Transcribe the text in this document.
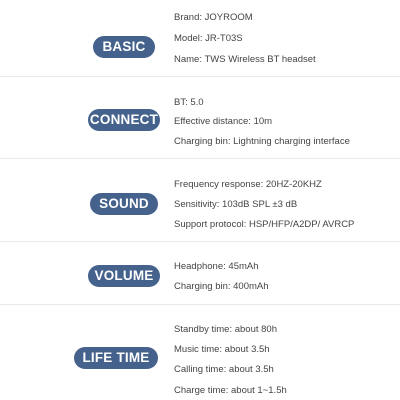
BASIC
Brand: JOYROOM
Model: JR-T03S
Name: TWS Wireless BT headset
CONNECT
BT: 5.0
Effective distance: 10m
Charging bin: Lightning charging interface
SOUND
Frequency response: 20HZ-20KHZ
Sensitivity: 103dB SPL ±3 dB
Support protocol: HSP/HFP/A2DP/ AVRCP
VOLUME
Headphone: 45mAh
Charging bin: 400mAh
LIFE TIME
Standby time: about 80h
Music time: about 3.5h
Calling time: about 3.5h
Charge time: about 1~1.5h
